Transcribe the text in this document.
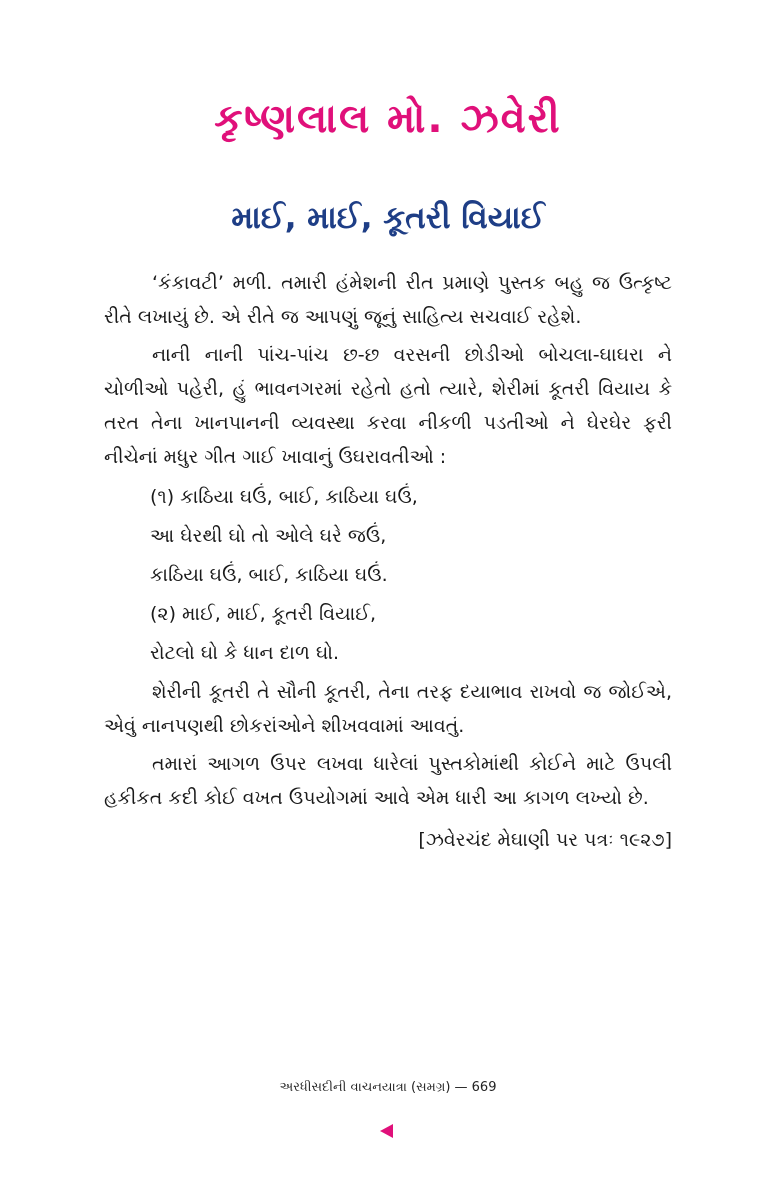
કૃષ્ણલાલ મો. ઝવેરી
માઈ, માઈ, કૂતરી વિયાઈ

‘કંકાવટી’ મળી. તમારી હંમેશની રીત પ્રમાણે પુસ્તક બહુ જ ઉત્કૃષ્ટ રીતે લખાયું છે. એ રીતે જ આપણું જૂનું સાહિત્ય સચવાઈ રહેશે.

નાની નાની પાંચ-પાંચ છ-છ વરસની છોડીઓ બોચલા-ઘાઘરા ને ચોળીઓ પહેરી, હું ભાવનગરમાં રહેતો હતો ત્યારે, શેરીમાં કૂતરી વિયાય કે તરત તેના ખાનપાનની વ્યવસ્થા કરવા નીકળી પડતીઓ ને ઘેરઘેર ફરી નીચેનાં મધુર ગીત ગાઈ ખાવાનું ઉઘરાવતીઓ :

(૧) કાઠિયા ઘઉં, બાઈ, કાઠિયા ઘઉં,

આ ઘેરથી ઘો તો ઓલે ઘરે જઉં,

કાઠિયા ઘઉં, બાઈ, કાઠિયા ઘઉં.

(૨) માઈ, માઈ, કૂતરી વિયાઈ,

રોટલો ઘો કે ધાન દાળ ઘો.

શેરીની કૂતરી તે સૌની કૂતરી, તેના તરફ દયાભાવ રાખવો જ જોઈએ, એવું નાનપણથી છોકરાંઓને શીખવવામાં આવતું.

તમારાં આગળ ઉપર લખવા ધારેલાં પુસ્તકોમાંથી કોઈને માટે ઉપલી હકીકત કદી કોઈ વખત ઉપયોગમાં આવે એમ ધારી આ કાગળ લખ્યો છે.

[ઝવેરચંદ મેઘાણી પર પત્રઃ ૧૯૨૭]
અરધીસદીની વાચનયાત્રા (સમગ્ર) — 669
